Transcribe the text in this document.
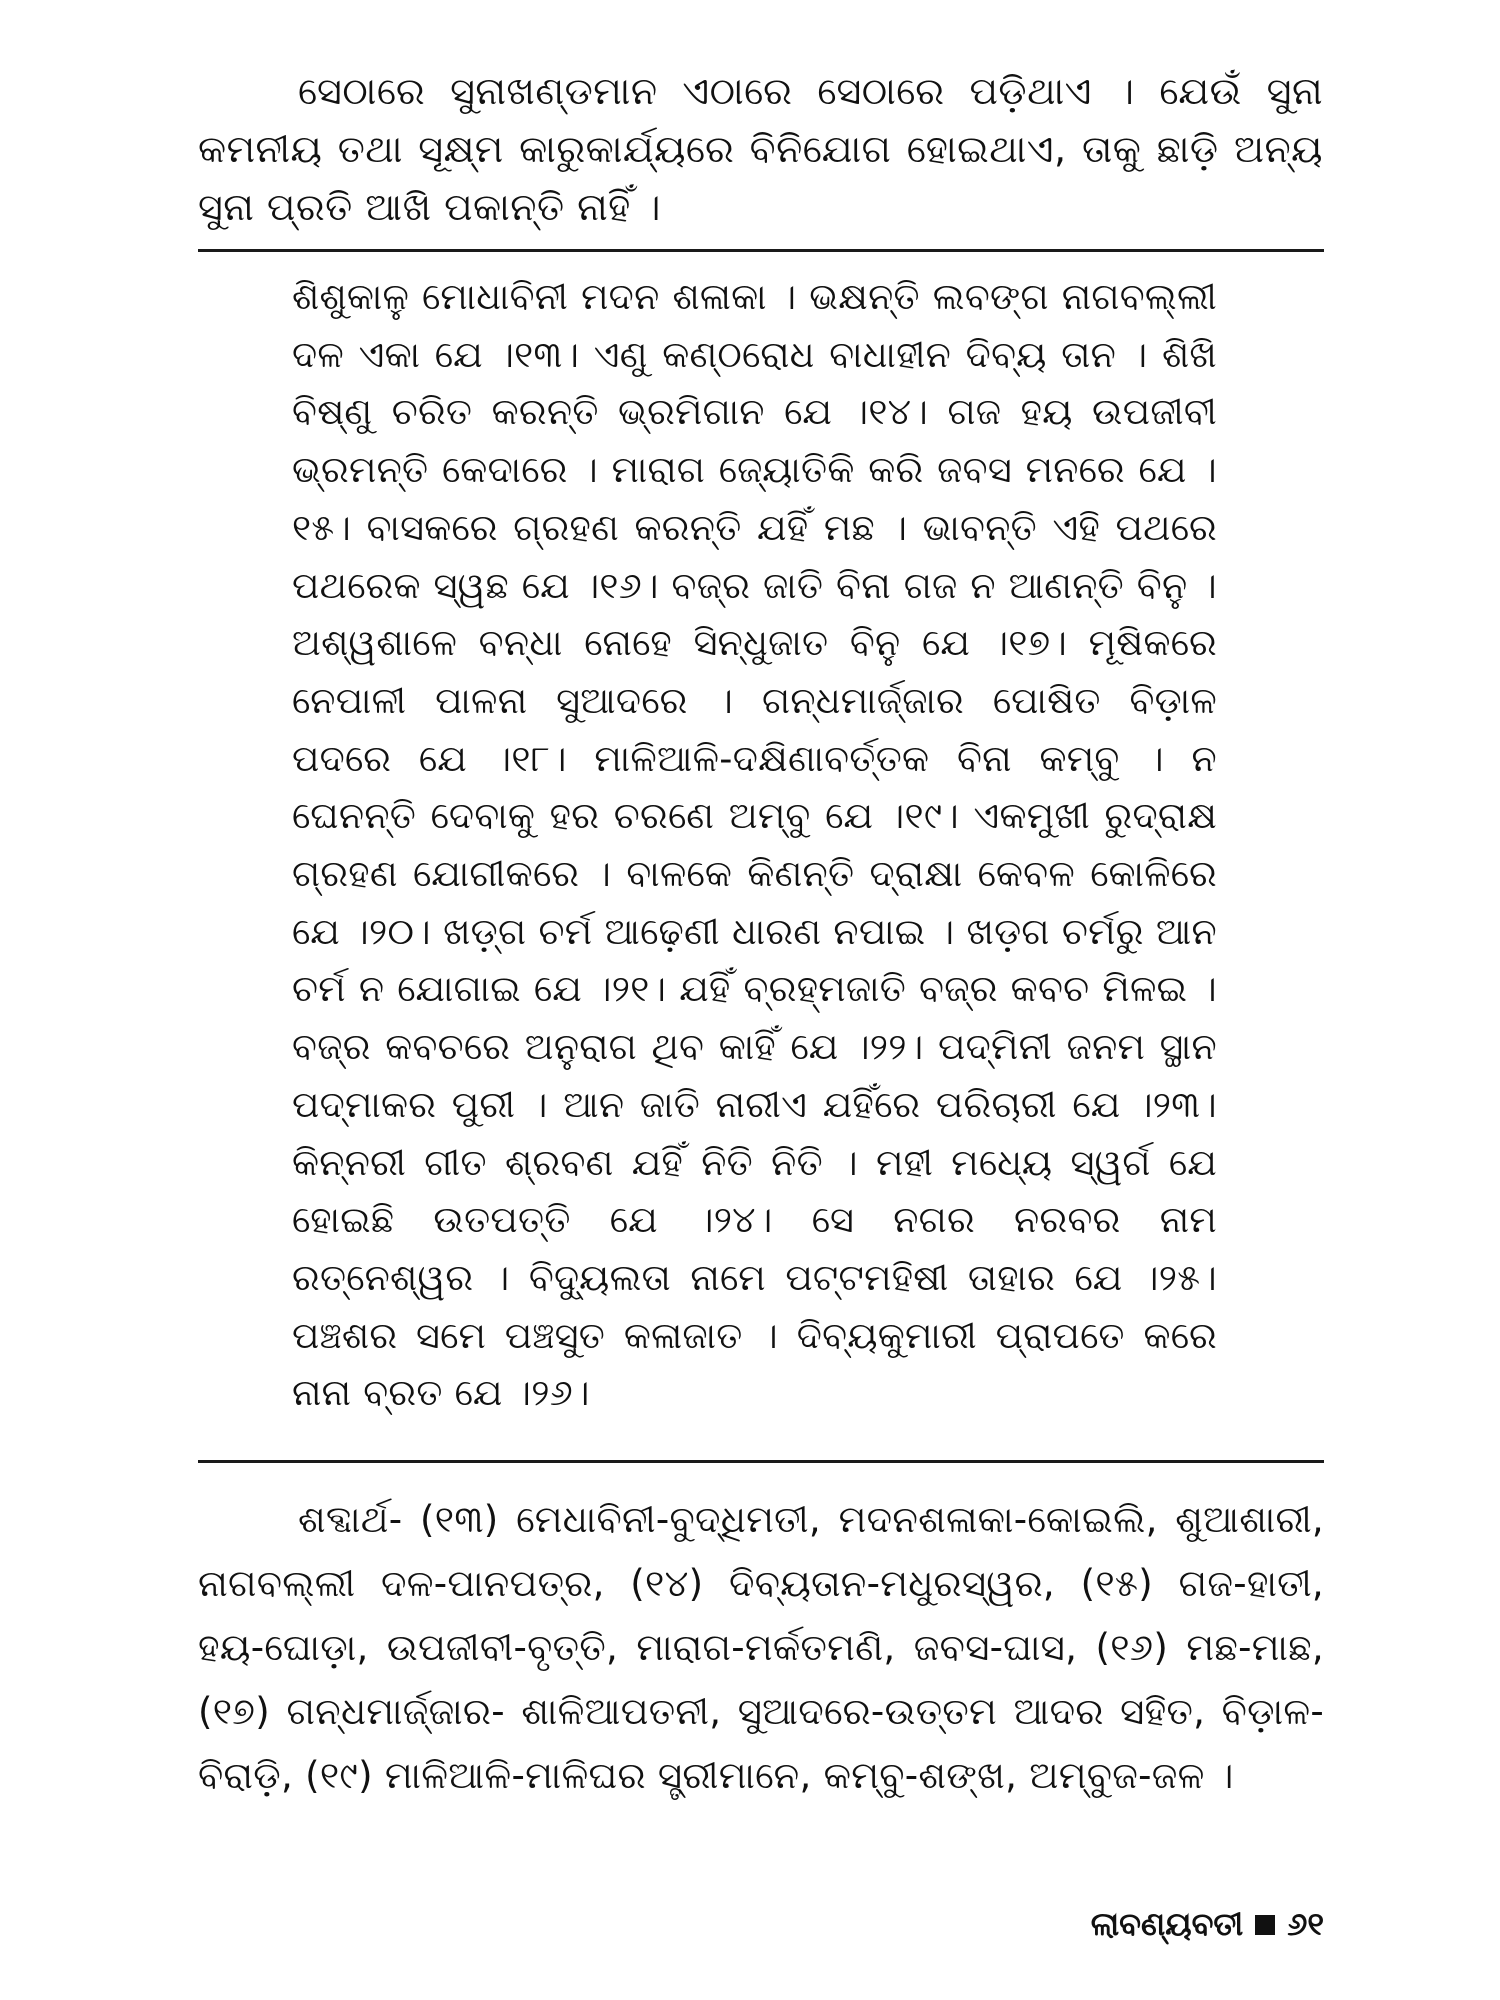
ସେଠାରେ ସୁନାଖଣ୍ଡମାନ ଏଠାରେ ସେଠାରେ ପଡ଼ିଥାଏ । ଯେଉଁ ସୁନା କମନୀୟ ତଥା ସୂକ୍ଷ୍ମ କାରୁକାର୍ଯ୍ୟରେ ବିନିଯୋଗ ହୋଇଥାଏ, ତାକୁ ଛାଡ଼ି ଅନ୍ୟ ସୁନା ପ୍ରତି ଆଖି ପକାନ୍ତି ନାହିଁ ।

ଶିଶୁକାଳୁ ମୋଧାବିନୀ ମଦନ ଶଳାକା । ଭକ୍ଷନ୍ତି ଲବଙ୍ଗ ନାଗବଲ୍ଲୀ ଦଳ ଏକା ଯେ ।୧୩। ଏଣୁ କଣ୍ଠରୋଧ ବାଧାହୀନ ଦିବ୍ୟ ତାନ । ଶିଖି ବିଷ୍ଣୁ ଚରିତ କରନ୍ତି ଭ୍ରମିଗାନ ଯେ ।୧୪। ଗଜ ହୟ ଉପଜୀବୀ ଭ୍ରମନ୍ତି କେଦାରେ । ମାରାଗ ଜ୍ୟୋତିକି କରି ଜବସ ମନରେ ଯେ ।୧୫। ବାସକରେ ଗ୍ରହଣ କରନ୍ତି ଯହିଁ ମଛ । ଭାବନ୍ତି ଏହି ପଥରେ ପଥରେକ ସ୍ୱଛ ଯେ ।୧୬। ବଜ୍ର ଜାତି ବିନା ଗଜ ନ ଆଣନ୍ତି ବିନୁ । ଅଶ୍ୱଶାଳେ ବନ୍ଧା ନୋହେ ସିନ୍ଧୁଜାତ ବିନୁ ଯେ ।୧୭। ମୂଷିକରେ ନେପାଳୀ ପାଳନା ସୁଆଦରେ । ଗନ୍ଧମାର୍ଜ୍ଜାର ପୋଷିତ ବିଡ଼ାଳ ପଦରେ ଯେ ।୧୮। ମାଳିଆଳି-ଦକ୍ଷିଣାବର୍ତ୍ତକ ବିନା କମ୍ବୁ । ନ ଘେନନ୍ତି ଦେବାକୁ ହର ଚରଣେ ଅମ୍ବୁ ଯେ ।୧୯। ଏକମୁଖୀ ରୁଦ୍ରାକ୍ଷ ଗ୍ରହଣ ଯୋଗୀକରେ । ବାଳକେ କିଣନ୍ତି ଦ୍ରାକ୍ଷା କେବଳ କୋଳିରେ ଯେ ।୨୦। ଖଡ଼୍‌ଗ ଚର୍ମ ଆଢ଼େଣୀ ଧାରଣ ନପାଇ । ଖଡ଼ଗ ଚର୍ମରୁ ଆନ ଚର୍ମ ନ ଯୋଗାଇ ଯେ ।୨୧। ଯହିଁ ବ୍ରହ୍ମଜାତି ବଜ୍ର କବଚ ମିଳଇ । ବଜ୍ର କବଚରେ ଅନୁରାଗ ଥିବ କାହିଁ ଯେ ।୨୨। ପଦ୍ମିନୀ ଜନମ ସ୍ଥାନ ପଦ୍ମାକର ପୁରୀ । ଆନ ଜାତି ନାରୀଏ ଯହିଁରେ ପରିଚାରୀ ଯେ ।୨୩। କିନ୍ନରୀ ଗୀତ ଶ୍ରବଣ ଯହିଁ ନିତି ନିତି । ମହୀ ମଧ୍ୟେ ସ୍ୱର୍ଗ ଯେ ହୋଇଛି ଉତପତ୍ତି ଯେ ।୨୪। ସେ ନଗର ନରବର ନାମ ରତ୍ନେଶ୍ୱର । ବିଦ୍ୟୁଲତା ନାମେ ପଟ୍ଟମହିଷୀ ତାହାର ଯେ ।୨୫। ପଞ୍ଚଶର ସମେ ପଞ୍ଚସୁତ କଳାଜାତ । ଦିବ୍ୟକୁମାରୀ ପ୍ରାପତେ କରେ ନାନା ବ୍ରତ ଯେ ।୨୬।

ଶବ୍ଦାର୍ଥ- (୧୩) ମେଧାବିନୀ-ବୁଦ୍ଧିମତୀ, ମଦନଶଳାକା-କୋଇଲି, ଶୁଆଶାରୀ, ନାଗବଲ୍ଲୀ ଦଳ-ପାନପତ୍ର, (୧୪) ଦିବ୍ୟତାନ-ମଧୁରସ୍ୱର, (୧୫) ଗଜ-ହାତୀ, ହୟ-ଘୋଡ଼ା, ଉପଜୀବୀ-ବୃତ୍ତି, ମାରାଗ-ମର୍କତମଣି, ଜବସ-ଘାସ, (୧୬) ମଛ-ମାଛ, (୧୭) ଗନ୍ଧମାର୍ଜ୍ଜାର- ଶାଳିଆପତନୀ, ସୁଆଦରେ-ଉତ୍ତମ ଆଦର ସହିତ, ବିଡ଼ାଳ-ବିରାଡ଼ି, (୧୯) ମାଳିଆଳି-ମାଳିଘର ସ୍ତ୍ରୀମାନେ, କମ୍ବୁ-ଶଙ୍ଖ, ଅମ୍ବୁଜ-ଜଳ ।

ଲାବଣ୍ୟବତୀ ୬୧
